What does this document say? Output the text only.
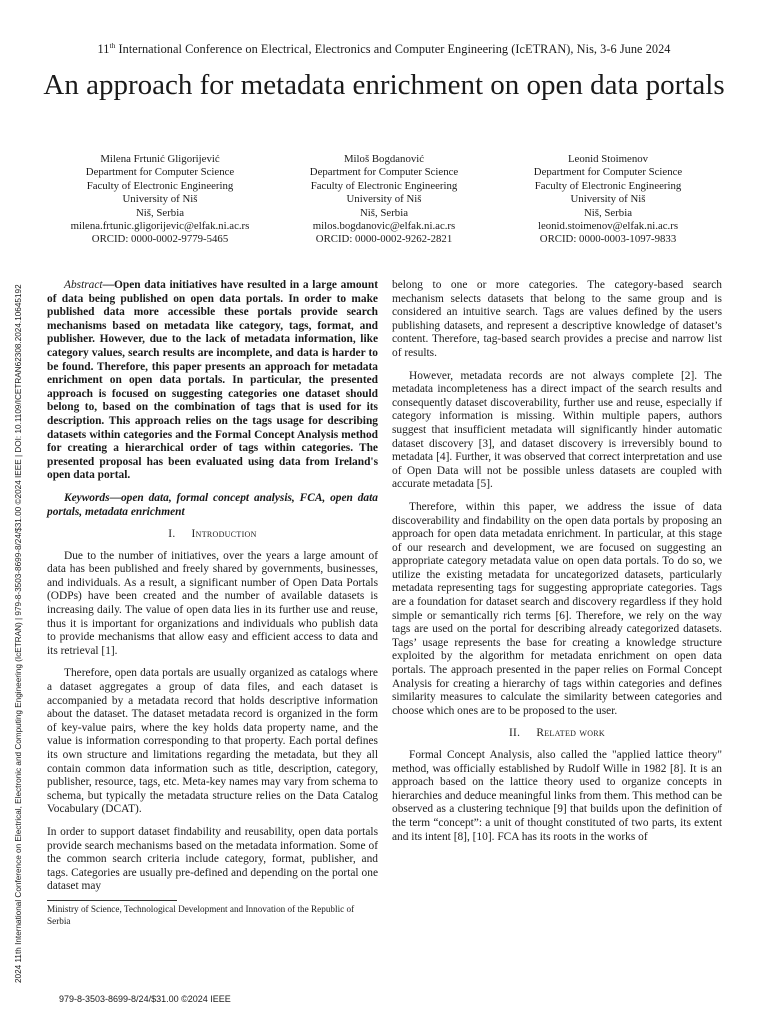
11th International Conference on Electrical, Electronics and Computer Engineering (IcETRAN), Nis, 3-6 June 2024
An approach for metadata enrichment on open data portals
Milena Frtunić Gligorijević
Department for Computer Science
Faculty of Electronic Engineering
University of Niš
Niš, Serbia
milena.frtunic.gligorijevic@elfak.ni.ac.rs
ORCID: 0000-0002-9779-5465
Miloš Bogdanović
Department for Computer Science
Faculty of Electronic Engineering
University of Niš
Niš, Serbia
milos.bogdanovic@elfak.ni.ac.rs
ORCID: 0000-0002-9262-2821
Leonid Stoimenov
Department for Computer Science
Faculty of Electronic Engineering
University of Niš
Niš, Serbia
leonid.stoimenov@elfak.ni.ac.rs
ORCID: 0000-0003-1097-9833
2024 11th International Conference on Electrical, Electronic and Computing Engineering (IcETRAN) | 979-8-3503-8699-8/24/$31.00 ©2024 IEEE | DOI: 10.1109/ICETRAN62308.2024.10645192	Abstract—Open data initiatives have resulted in a large amount of data being published on open data portals. In order to make published data more accessible these portals provide search mechanisms based on metadata like category, tags, format, and publisher. However, due to the lack of metadata information, like category values, search results are incomplete, and data is harder to be found. Therefore, this paper presents an approach for metadata enrichment on open data portals. In particular, the presented approach is focused on suggesting categories one dataset should belong to, based on the combination of tags that is used for its description. This approach relies on the tags usage for describing datasets within categories and the Formal Concept Analysis method for creating a hierarchical order of tags within categories. The presented proposal has been evaluated using data from Ireland's open data portal.

Keywords—open data, formal concept analysis, FCA, open data portals, metadata enrichment

I. Introduction

Due to the number of initiatives, over the years a large amount of data has been published and freely shared by governments, businesses, and individuals. As a result, a significant number of Open Data Portals (ODPs) have been created and the number of available datasets is increasing daily. The value of open data lies in its further use and reuse, thus it is important for organizations and individuals who publish data to provide mechanisms that allow easy and efficient access to data and its retrieval [1].

Therefore, open data portals are usually organized as catalogs where a dataset aggregates a group of data files, and each dataset is accompanied by a metadata record that holds descriptive information about the dataset. The dataset metadata record is organized in the form of key-value pairs, where the key holds data property name, and the value is information corresponding to that property. Each portal defines its own structure and limitations regarding the metadata, but they all contain common data information such as title, description, category, publisher, resource, tags, etc. Meta-key names may vary from schema to schema, but typically the metadata structure relies on the Data Catalog Vocabulary (DCAT).

In order to support dataset findability and reusability, open data portals provide search mechanisms based on the metadata information. Some of the common search criteria include category, format, publisher, and tags. Categories are usually pre-defined and depending on the portal one dataset may

belong to one or more categories. The category-based search mechanism selects datasets that belong to the same group and is considered an intuitive search. Tags are values defined by the users publishing datasets, and represent a descriptive knowledge of dataset’s content. Therefore, tag-based search provides a precise and narrow list of results.

However, metadata records are not always complete [2]. The metadata incompleteness has a direct impact of the search results and consequently dataset discoverability, further use and reuse, especially if category information is missing. Within multiple papers, authors suggest that insufficient metadata will significantly hinder automatic dataset discovery [3], and dataset discovery is irreversibly bound to metadata [4]. Further, it was observed that correct interpretation and use of Open Data will not be possible unless datasets are coupled with accurate metadata [5].

Therefore, within this paper, we address the issue of data discoverability and findability on the open data portals by proposing an approach for open data metadata enrichment. In particular, at this stage of our research and development, we are focused on suggesting an appropriate category metadata value on open data portals. To do so, we utilize the existing metadata for uncategorized datasets, particularly metadata representing tags for suggesting appropriate categories. Tags are a foundation for dataset search and discovery regardless if they hold simple or semantically rich terms [6]. Therefore, we rely on the way tags are used on the portal for describing already categorized datasets. Tags’ usage represents the base for creating a knowledge structure exploited by the algorithm for metadata enrichment on open data portals. The approach presented in the paper relies on Formal Concept Analysis for creating a hierarchy of tags within categories and defines similarity measures to calculate the similarity between categories and choose which ones are to be proposed to the user.

II. Related work

Formal Concept Analysis, also called the "applied lattice theory" method, was officially established by Rudolf Wille in 1982 [8]. It is an approach based on the lattice theory used to organize concepts in hierarchies and deduce meaningful links from them. This method can be observed as a clustering technique [9] that builds upon the definition of the term “concept”: a unit of thought constituted of two parts, its extent and its intent [8], [10]. FCA has its roots in the works of

Ministry of Science, Technological Development and Innovation of the Republic of Serbia
979-8-3503-8699-8/24/$31.00 ©2024 IEEE
